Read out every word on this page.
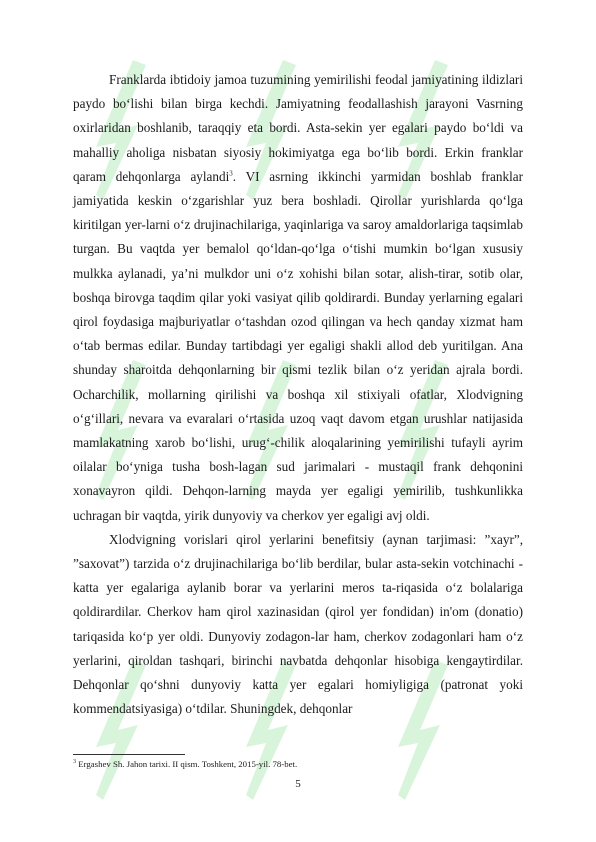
Franklarda ibtidoiy jamoa tuzumining yemirilishi feodal jamiyatining ildizlari paydo bo‘lishi bilan birga kechdi. Jamiyatning feodallashish jarayoni Vasrning oxirlaridan boshlanib, taraqqiy eta bordi. Asta-sekin yer egalari paydo bo‘ldi va mahalliy aholiga nisbatan siyosiy hokimiyatga ega bo‘lib bordi. Erkin franklar qaram dehqonlarga aylandi$^3$. VI asrning ikkinchi yarmidan boshlab franklar jamiyatida keskin o‘zgarishlar yuz bera boshladi. Qirollar yurishlarda qo‘lga kiritilgan yer-larni o‘z drujinachilariga, yaqinlariga va saroy amaldorlariga taqsimlab turgan. Bu vaqtda yer bemalol qo‘ldan-qo‘lga o‘tishi mumkin bo‘lgan xususiy mulkka aylanadi, ya’ni mulkdor uni o‘z xohishi bilan sotar, alish-tirar, sotib olar, boshqa birovga taqdim qilar yoki vasiyat qilib qoldirardi. Bunday yerlarning egalari qirol foydasiga majburiyatlar o‘tashdan ozod qilingan va hech qanday xizmat ham o‘tab bermas edilar. Bunday tartibdagi yer egaligi shakli allod deb yuritilgan. Ana shunday sharoitda dehqonlarning bir qismi tezlik bilan o‘z yeridan ajrala bordi. Ocharchilik, mollarning qirilishi va boshqa xil stixiyali ofatlar, Xlodvigning o‘g‘illari, nevara va evaralari o‘rtasida uzoq vaqt davom etgan urushlar natijasida mamlakatning xarob bo‘lishi, urug‘-chilik aloqalarining yemirilishi tufayli ayrim oilalar bo‘yniga tusha bosh-lagan sud jarimalari - mustaqil frank dehqonini xonavayron qildi. Dehqon-larning mayda yer egaligi yemirilib, tushkunlikka uchragan bir vaqtda, yirik dunyoviy va cherkov yer egaligi avj oldi.

Xlodvigning vorislari qirol yerlarini benefitsiy (aynan tarjimasi: ”xayr”, ”saxovat”) tarzida o‘z drujinachilariga bo‘lib berdilar, bular asta-sekin votchinachi - katta yer egalariga aylanib borar va yerlarini meros ta-riqasida o‘z bolalariga qoldirardilar. Cherkov ham qirol xazinasidan (qirol yer fondidan) in'om (donatio) tariqasida ko‘p yer oldi. Dunyoviy zodagon-lar ham, cherkov zodagonlari ham o‘z yerlarini, qiroldan tashqari, birinchi navbatda dehqonlar hisobiga kengaytirdilar. Dehqonlar qo‘shni dunyoviy katta yer egalari homiyligiga (patronat yoki kommendatsiyasiga) o‘tdilar. Shuningdek, dehqonlar

$^3$ Ergashev Sh. Jahon tarixi. II qism. Toshkent, 2015-yil. 78-bet.
5
